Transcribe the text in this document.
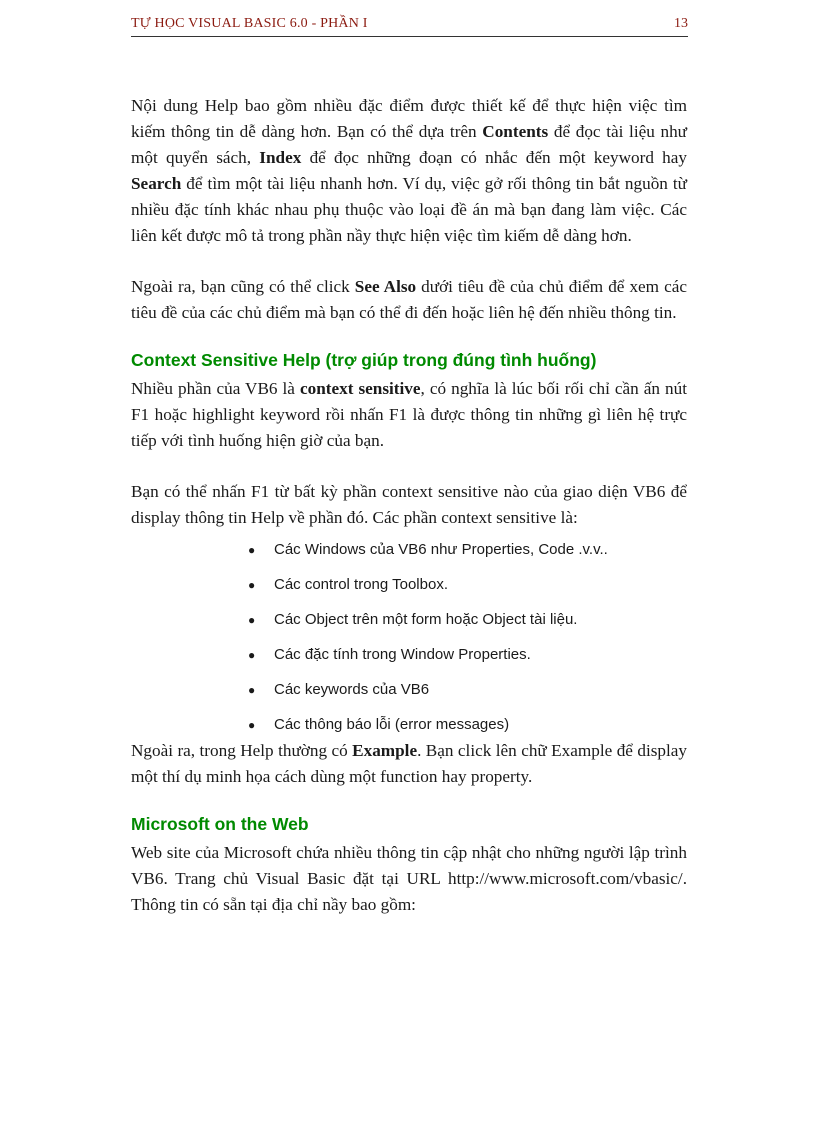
TỰ HỌC VISUAL BASIC 6.0 - PHẦN I	13

Nội dung Help bao gồm nhiều đặc điểm được thiết kế để thực hiện việc tìm kiếm thông tin dễ dàng hơn. Bạn có thể dựa trên Contents để đọc tài liệu như một quyển sách, Index để đọc những đoạn có nhắc đến một keyword hay Search để tìm một tài liệu nhanh hơn. Ví dụ, việc gở rối thông tin bắt nguồn từ nhiều đặc tính khác nhau phụ thuộc vào loại đề án mà bạn đang làm việc. Các liên kết được mô tả trong phần nầy thực hiện việc tìm kiếm dễ dàng hơn.

Ngoài ra, bạn cũng có thể click See Also dưới tiêu đề của chủ điểm để xem các tiêu đề của các chủ điểm mà bạn có thể đi đến hoặc liên hệ đến nhiều thông tin.

Context Sensitive Help (trợ giúp trong đúng tình huống)

Nhiều phần của VB6 là context sensitive, có nghĩa là lúc bối rối chỉ cần ấn nút F1 hoặc highlight keyword rồi nhấn F1 là được thông tin những gì liên hệ trực tiếp với tình huống hiện giờ của bạn.

Bạn có thể nhấn F1 từ bất kỳ phần context sensitive nào của giao diện VB6 để display thông tin Help về phần đó. Các phần context sensitive là:

●	Các Windows của VB6 như Properties, Code .v.v..
●	Các control trong Toolbox.
●	Các Object trên một form hoặc Object tài liệu.
●	Các đặc tính trong Window Properties.
●	Các keywords của VB6
●	Các thông báo lỗi (error messages)

Ngoài ra, trong Help thường có Example. Bạn click lên chữ Example để display một thí dụ minh họa cách dùng một function hay property.

Microsoft on the Web

Web site của Microsoft chứa nhiều thông tin cập nhật cho những người lập trình VB6. Trang chủ Visual Basic đặt tại URL http://www.microsoft.com/vbasic/. Thông tin có sẵn tại địa chỉ nầy bao gồm:
